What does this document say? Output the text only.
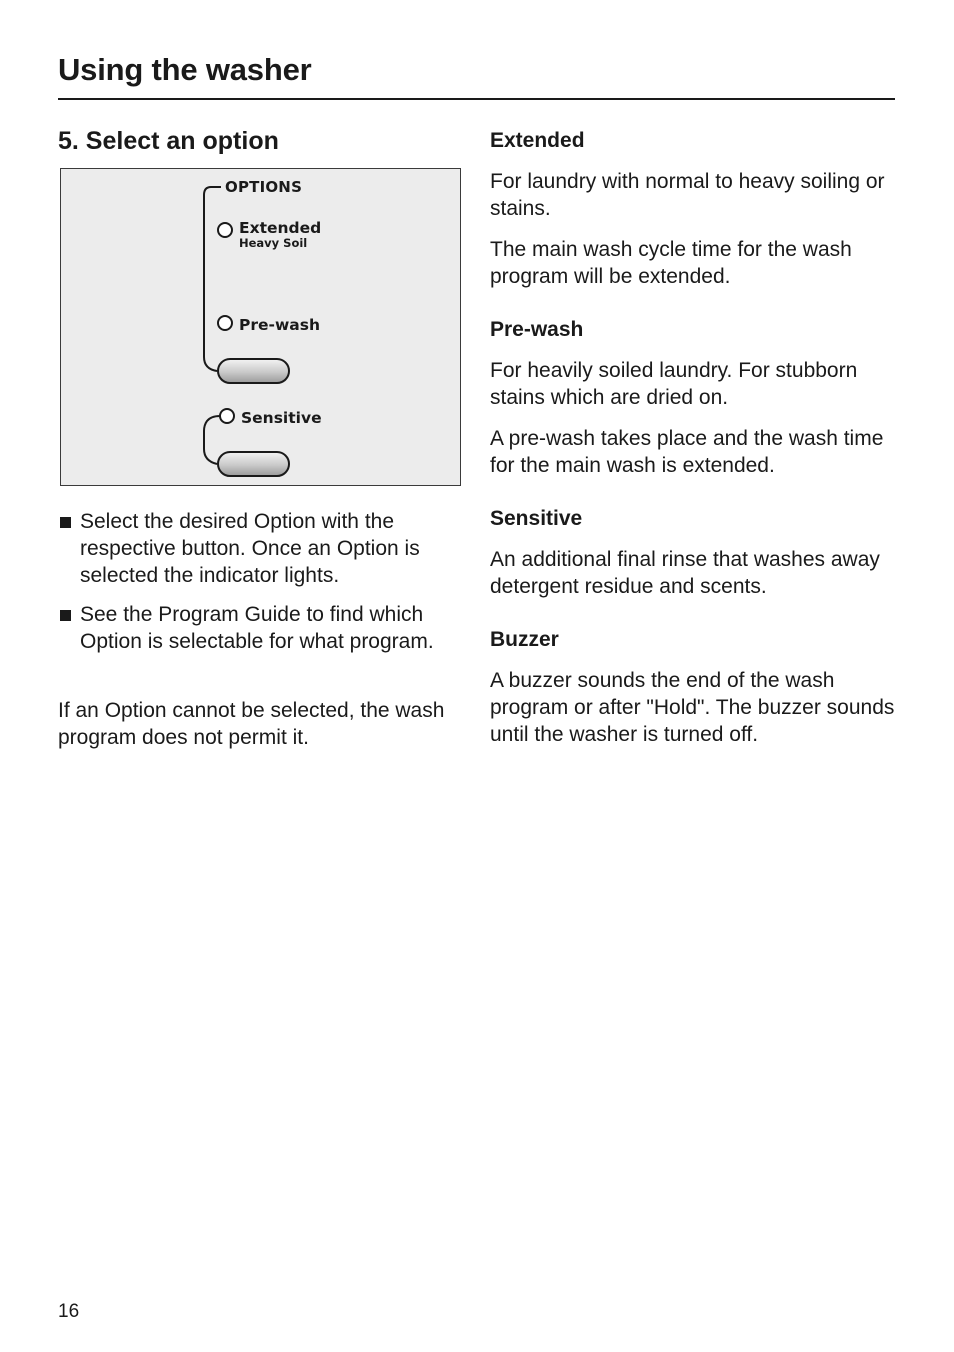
Using the washer
5. Select an option
OPTIONS
Extended
Heavy Soil
Pre-wash
Sensitive
Select the desired Option with the respective button. Once an Option is selected the indicator lights.
See the Program Guide to find which Option is selectable for what program.

If an Option cannot be selected, the wash program does not permit it.

Extended

For laundry with normal to heavy soiling or stains.

The main wash cycle time for the wash program will be extended.

Pre-wash

For heavily soiled laundry. For stubborn stains which are dried on.

A pre-wash takes place and the wash time for the main wash is extended.

Sensitive

An additional final rinse that washes away detergent residue and scents.

Buzzer

A buzzer sounds the end of the wash program or after "Hold". The buzzer sounds until the washer is turned off.

16
